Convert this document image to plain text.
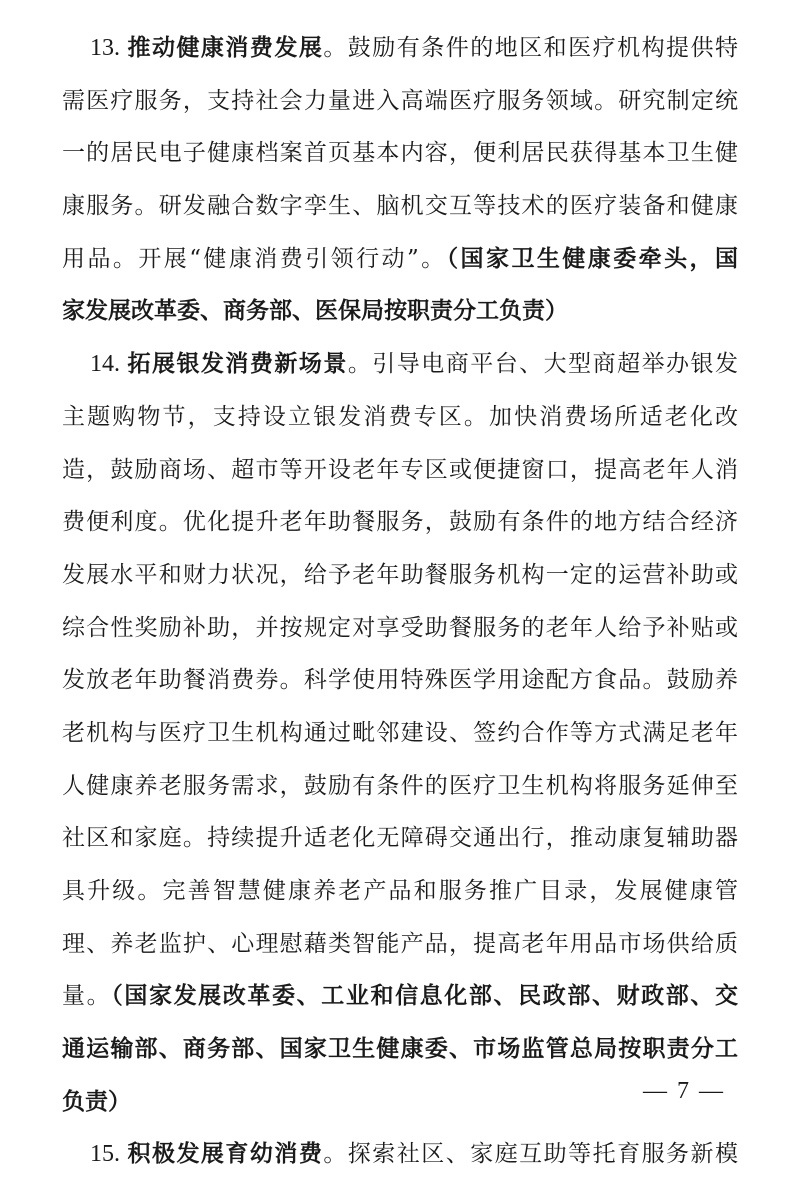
13. 推动健康消费发展。鼓励有条件的地区和医疗机构提供特
需医疗服务，支持社会力量进入高端医疗服务领域。研究制定统
一的居民电子健康档案首页基本内容，便利居民获得基本卫生健
康服务。研发融合数字孪生、脑机交互等技术的医疗装备和健康
用品。开展“健康消费引领行动”。（国家卫生健康委牵头，国
家发展改革委、商务部、医保局按职责分工负责）
14. 拓展银发消费新场景。引导电商平台、大型商超举办银发
主题购物节，支持设立银发消费专区。加快消费场所适老化改
造，鼓励商场、超市等开设老年专区或便捷窗口，提高老年人消
费便利度。优化提升老年助餐服务，鼓励有条件的地方结合经济
发展水平和财力状况，给予老年助餐服务机构一定的运营补助或
综合性奖励补助，并按规定对享受助餐服务的老年人给予补贴或
发放老年助餐消费券。科学使用特殊医学用途配方食品。鼓励养
老机构与医疗卫生机构通过毗邻建设、签约合作等方式满足老年
人健康养老服务需求，鼓励有条件的医疗卫生机构将服务延伸至
社区和家庭。持续提升适老化无障碍交通出行，推动康复辅助器
具升级。完善智慧健康养老产品和服务推广目录，发展健康管
理、养老监护、心理慰藉类智能产品，提高老年用品市场供给质
量。（国家发展改革委、工业和信息化部、民政部、财政部、交
通运输部、商务部、国家卫生健康委、市场监管总局按职责分工
负责）
15. 积极发展育幼消费。探索社区、家庭互助等托育服务新模
— 7 —
